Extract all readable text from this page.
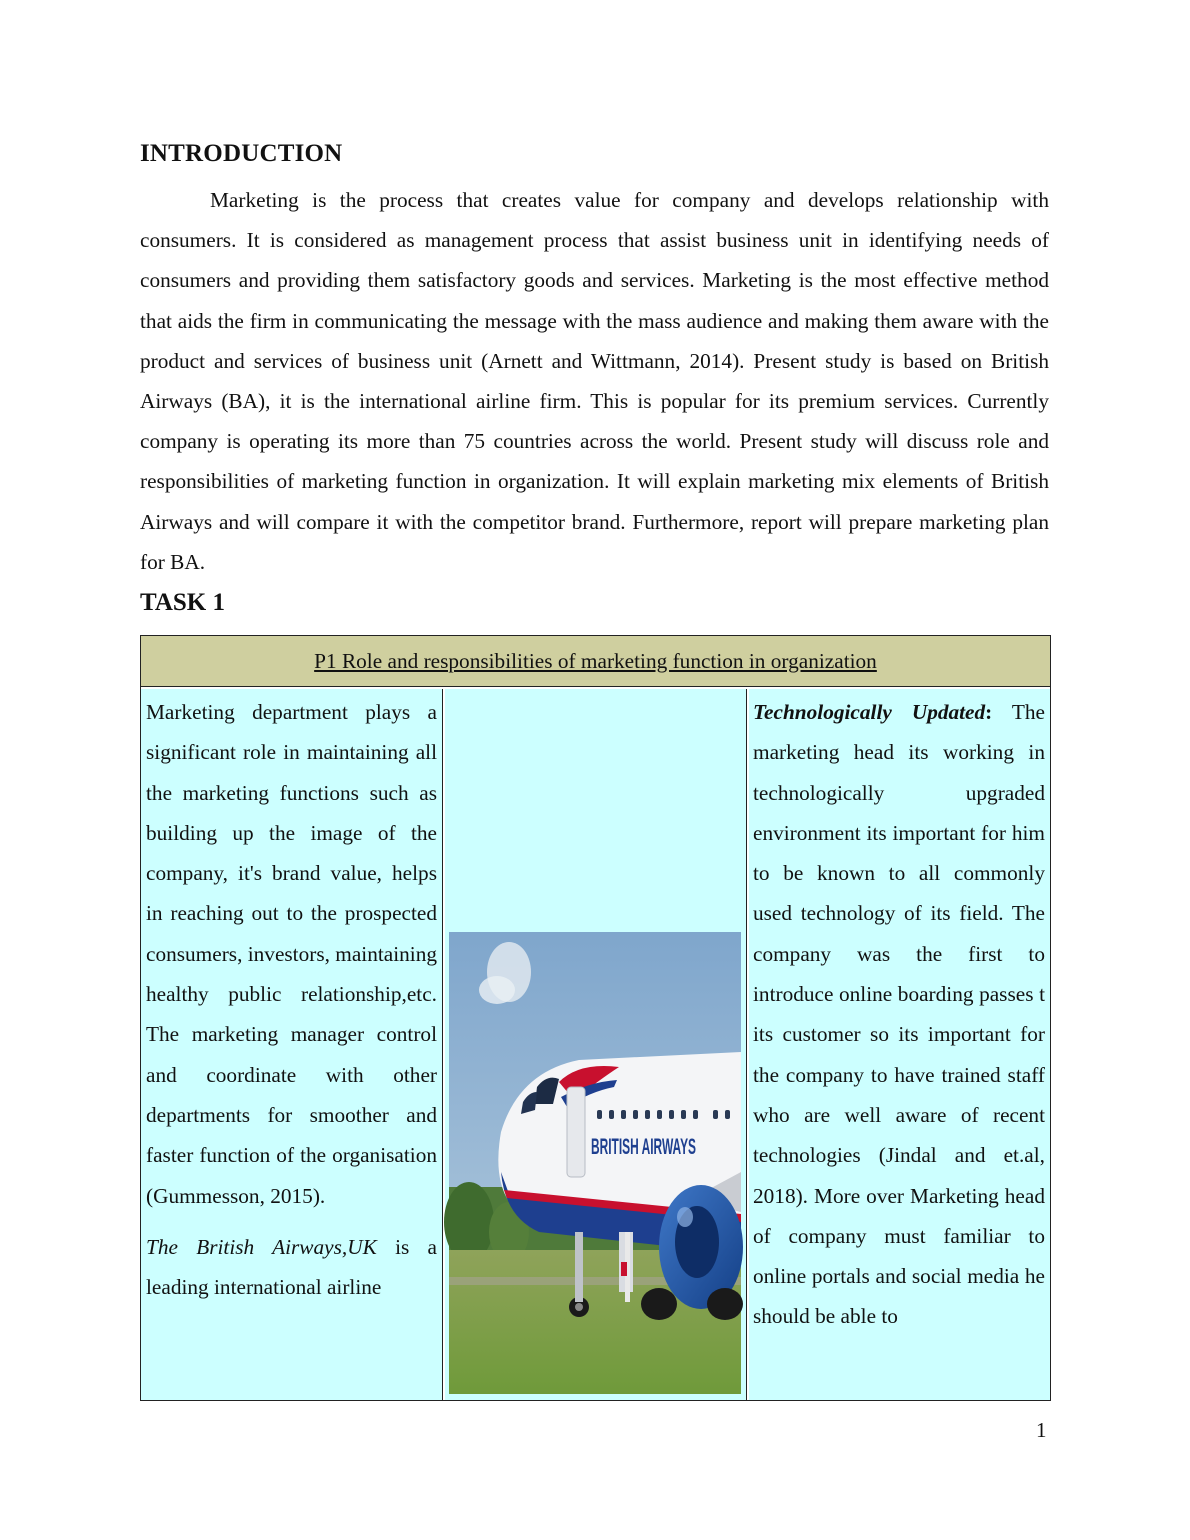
INTRODUCTION

Marketing is the process that creates value for company and develops relationship with consumers. It is considered as management process that assist business unit in identifying needs of consumers and providing them satisfactory goods and services. Marketing is the most effective method that aids the firm in communicating the message with the mass audience and making them aware with the product and services of business unit (Arnett and Wittmann, 2014). Present study is based on British Airways (BA), it is the international airline firm. This is popular for its premium services. Currently company is operating its more than 75 countries across the world. Present study will discuss role and responsibilities of marketing function in organization. It will explain marketing mix elements of British Airways and will compare it with the competitor brand. Furthermore, report will prepare marketing plan for BA.

TASK 1
P1 Role and responsibilities of marketing function in organization

Marketing department plays a significant role in maintaining all the marketing functions such as building up the image of the company, it's brand value, helps in reaching out to the prospected consumers, investors, maintaining healthy public relationship,etc. The marketing manager control and coordinate with other departments for smoother and faster function of the organisation (Gummesson, 2015).

The British Airways,UK is a leading international airline

BRITISH AIRWAYS

Technologically Updated: The marketing head its working in technologically upgraded environment its important for him to be known to all commonly used technology of its field. The company was the first to introduce online boarding passes t its customer so its important for the company to have trained staff who are well aware of recent technologies (Jindal and et.al, 2018). More over Marketing head of company must familiar to online portals and social media he should be able to

1
